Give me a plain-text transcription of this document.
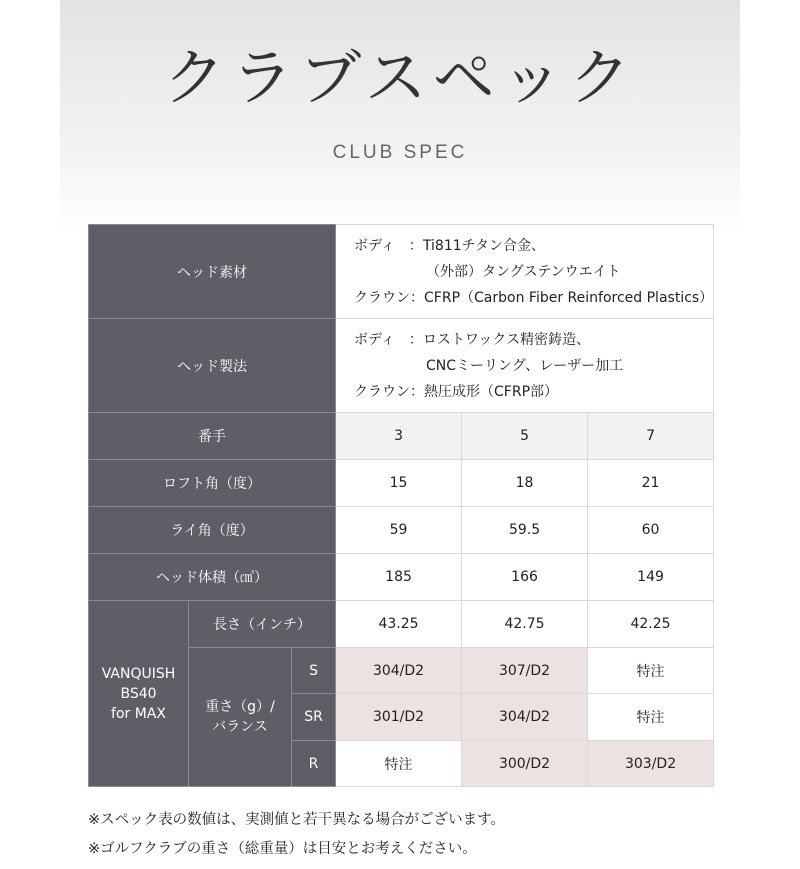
クラブスペック
CLUB SPEC
ヘッド素材			ボディ　：Ti811チタン合金、
（外部）タングステンウエイト
クラウン：CFRP（Carbon Fiber Reinforced Plastics）		

ヘッド製法			ボディ　：ロストワックス精密鋳造、
CNCミーリング、レーザー加工
クラウン：熱圧成形（CFRP部）		

番手			3	5	7
ロフト角（度）			15	18	21
ライ角（度）			59	59.5	60
ヘッド体積（㎤）			185	166	149

VANQUISH
BS40
for MAX	長さ（インチ）		43.25	42.75	42.25

	重さ（g）/
バランス	S	304/D2	307/D2	特注
		SR	301/D2	304/D2	特注
		R	特注	300/D2	303/D2
※スペック表の数値は、実測値と若干異なる場合がございます。
※ゴルフクラブの重さ（総重量）は目安とお考えください。
